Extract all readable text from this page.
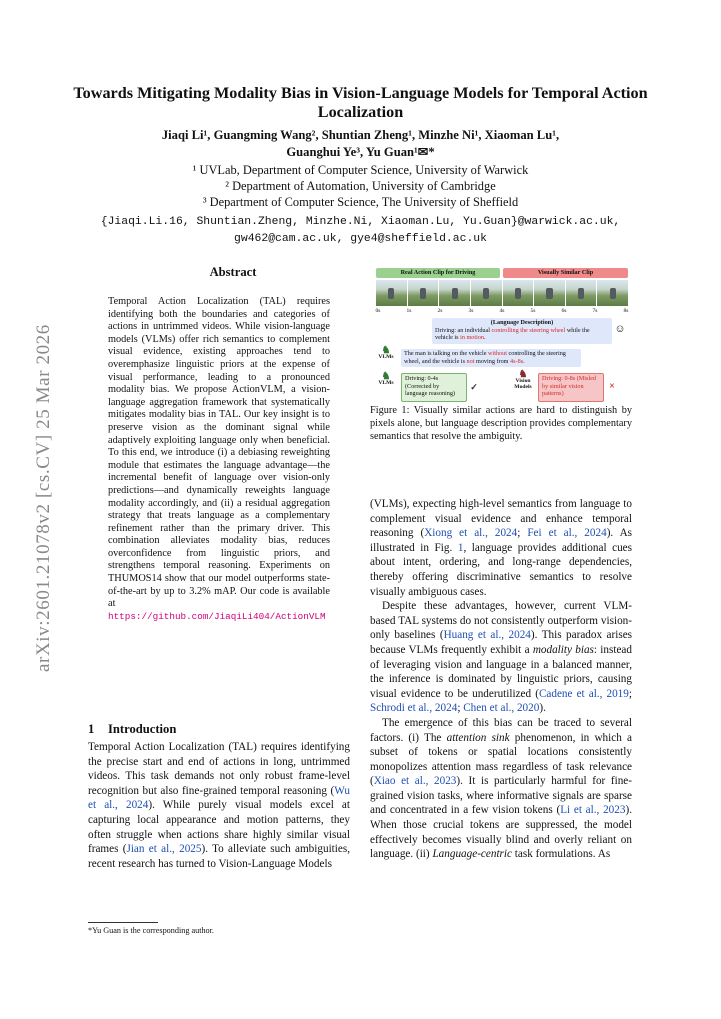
arXiv:2601.21078v2 [cs.CV] 25 Mar 2026
Towards Mitigating Modality Bias in Vision-Language Models for Temporal Action Localization
Jiaqi Li¹, Guangming Wang², Shuntian Zheng¹, Minzhe Ni¹, Xiaoman Lu¹,
Guanghui Ye³, Yu Guan¹✉*
¹ UVLab, Department of Computer Science, University of Warwick
² Department of Automation, University of Cambridge
³ Department of Computer Science, The University of Sheffield
{Jiaqi.Li.16, Shuntian.Zheng, Minzhe.Ni, Xiaoman.Lu, Yu.Guan}@warwick.ac.uk,
gw462@cam.ac.uk, gye4@sheffield.ac.uk
Abstract
Temporal Action Localization (TAL) requires identifying both the boundaries and categories of actions in untrimmed videos. While vision-language models (VLMs) offer rich semantics to complement visual evidence, existing approaches tend to overemphasize linguistic priors at the expense of visual performance, leading to a pronounced modality bias. We propose ActionVLM, a vision-language aggregation framework that systematically mitigates modality bias in TAL. Our key insight is to preserve vision as the dominant signal while adaptively exploiting language only when beneficial. To this end, we introduce (i) a debiasing reweighting module that estimates the language advantage—the incremental benefit of language over vision-only predictions—and dynamically reweights language modality accordingly, and (ii) a residual aggregation strategy that treats language as a complementary refinement rather than the primary driver. This combination alleviates modality bias, reduces overconfidence from linguistic priors, and strengthens temporal reasoning. Experiments on THUMOS14 show that our model outperforms state-of-the-art by up to 3.2% mAP. Our code is available at https://github.com/JiaqiLi404/ActionVLM
1 Introduction
Temporal Action Localization (TAL) requires identifying the precise start and end of actions in long, untrimmed videos. This task demands not only robust frame-level recognition but also fine-grained temporal reasoning (Wu et al., 2024). While purely visual models excel at capturing local appearance and motion patterns, they often struggle when actions share highly similar visual frames (Jian et al., 2025). To alleviate such ambiguities, recent research has turned to Vision-Language Models
*Yu Guan is the corresponding author.
Real Action Clip for Driving	Visually Similar Clip
0s	1s	2s	3s	4s	5s	6s	7s	8s
(Language Description)
Driving: an individual controlling the steering wheel while the vehicle is in motion.
☺
♞
VLMs	The man is talking on the vehicle without controlling the steering wheel, and the vehicle is not moving from 4s-8s.
♞
VLMs
Driving: 0-4s (Corrected by language reasoning)
✓
♞
Vision Models
Driving: 0-8s (Misled by similar vision patterns)
×
Figure 1: Visually similar actions are hard to distinguish by pixels alone, but language description provides complementary semantics that resolve the ambiguity.
(VLMs), expecting high-level semantics from language to complement visual evidence and enhance temporal reasoning (Xiong et al., 2024; Fei et al., 2024). As illustrated in Fig. 1, language provides additional cues about intent, ordering, and long-range dependencies, thereby offering discriminative semantics to resolve visually ambiguous cases.
Despite these advantages, however, current VLM-based TAL systems do not consistently outperform vision-only baselines (Huang et al., 2024). This paradox arises because VLMs frequently exhibit a modality bias: instead of leveraging vision and language in a balanced manner, the inference is dominated by linguistic priors, causing visual evidence to be underutilized (Cadene et al., 2019; Schrodi et al., 2024; Chen et al., 2020).
The emergence of this bias can be traced to several factors. (i) The attention sink phenomenon, in which a subset of tokens or spatial locations consistently monopolizes attention mass regardless of task relevance (Xiao et al., 2023). It is particularly harmful for fine-grained vision tasks, where informative signals are sparse and concentrated in a few vision tokens (Li et al., 2023). When those crucial tokens are suppressed, the model effectively becomes visually blind and overly reliant on language. (ii) Language-centric task formulations. As
